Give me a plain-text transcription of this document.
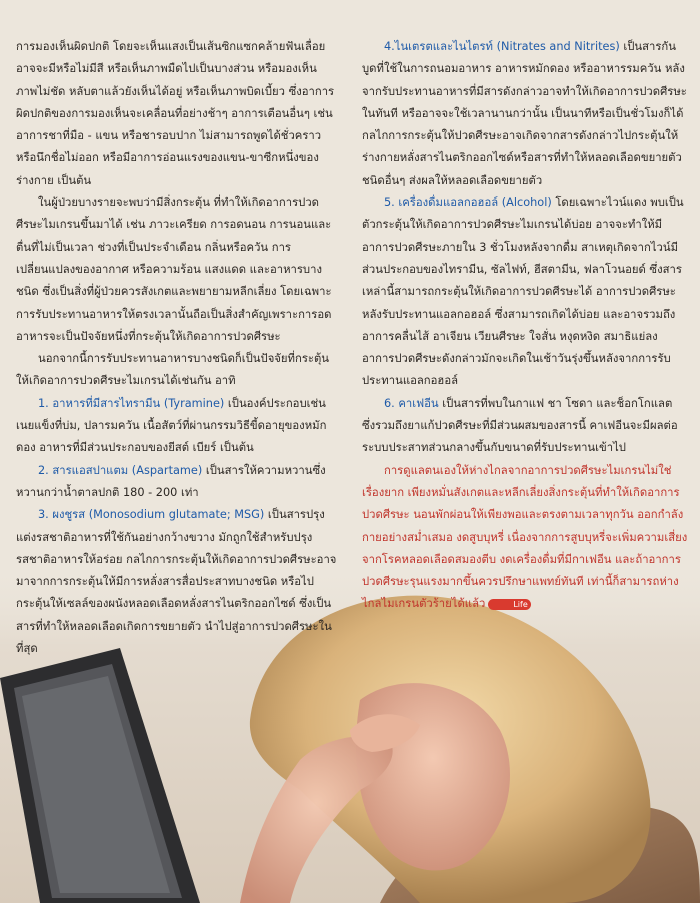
การมองเห็นผิดปกติ โดยจะเห็นแสงเป็นเส้นซิกแซกคล้ายฟันเลื่อย อาจจะมีหรือไม่มีสี หรือเห็นภาพมืดไปเป็นบางส่วน หรือมองเห็นภาพไม่ชัด หลับตาแล้วยังเห็นได้อยู่ หรือเห็นภาพบิดเบี้ยว ซึ่งอาการผิดปกติของการมองเห็นจะเคลื่อนที่อย่างช้าๆ อาการเตือนอื่นๆ เช่น อาการชาที่มือ - แขน หรือชารอบปาก ไม่สามารถพูดได้ชั่วคราวหรือนึกชื่อไม่ออก หรือมีอาการอ่อนแรงของแขน-ขาซีกหนึ่งของร่างกาย เป็นต้น

ในผู้ป่วยบางรายจะพบว่ามีสิ่งกระตุ้น ที่ทำให้เกิดอาการปวดศีรษะไมเกรนขึ้นมาได้ เช่น ภาวะเครียด การอดนอน การนอนและตื่นที่ไม่เป็นเวลา ช่วงที่เป็นประจำเดือน กลิ่นหรือควัน การเปลี่ยนแปลงของอากาศ หรือความร้อน แสงแดด และอาหารบางชนิด ซึ่งเป็นสิ่งที่ผู้ป่วยควรสังเกตและพยายามหลีกเลี่ยง โดยเฉพาะการรับประทานอาหารให้ตรงเวลานั้นถือเป็นสิ่งสำคัญเพราะการอดอาหารจะเป็นปัจจัยหนึ่งที่กระตุ้นให้เกิดอาการปวดศีรษะ

นอกจากนี้การรับประทานอาหารบางชนิดก็เป็นปัจจัยที่กระตุ้นให้เกิดอาการปวดศีรษะไมเกรนได้เช่นกัน อาทิ

1. อาหารที่มีสารไทรามีน (Tyramine) เป็นองค์ประกอบเช่น เนยแข็งที่บ่ม, ปลารมควัน เนื้อสัตว์ที่ผ่านกรรมวิธีขี้ดอายุของหมักดอง อาหารที่มีส่วนประกอบของยีสต์ เบียร์ เป็นต้น

2. สารแอสปาแตม (Aspartame) เป็นสารให้ความหวานซึ่งหวานกว่าน้ำตาลปกติ 180 - 200 เท่า

3. ผงชูรส (Monosodium glutamate; MSG) เป็นสารปรุงแต่งรสชาติอาหารที่ใช้กันอย่างกว้างขวาง มักถูกใช้สำหรับปรุงรสชาติอาหารให้อร่อย กลไกการกระตุ้นให้เกิดอาการปวดศีรษะอาจมาจากการกระตุ้นให้มีการหลั่งสารสื่อประสาทบางชนิด หรือไปกระตุ้นให้เซลล์ของผนังหลอดเลือดหลั่งสารไนตริกออกไซด์ ซึ่งเป็นสารที่ทำให้หลอดเลือดเกิดการขยายตัว นำไปสู่อาการปวดศีรษะในที่สุด

4.ไนเตรตและไนไตรท์ (Nitrates and Nitrites) เป็นสารกันบูดที่ใช้ในการถนอมอาหาร อาหารหมักดอง หรืออาหารรมควัน หลังจากรับประทานอาหารที่มีสารดังกล่าวอาจทำให้เกิดอาการปวดศีรษะในทันที หรืออาจจะใช้เวลานานกว่านั้น เป็นนาทีหรือเป็นชั่วโมงก็ได้ กลไกการกระตุ้นให้ปวดศีรษะอาจเกิดจากสารดังกล่าวไปกระตุ้นให้ร่างกายหลั่งสารไนตริกออกไซด์หรือสารที่ทำให้หลอดเลือดขยายตัวชนิดอื่นๆ ส่งผลให้หลอดเลือดขยายตัว

5. เครื่องดื่มแอลกอฮอล์ (Alcohol) โดยเฉพาะไวน์แดง พบเป็นตัวกระตุ้นให้เกิดอาการปวดศีรษะไมเกรนได้บ่อย อาจจะทำให้มีอาการปวดศีรษะภายใน 3 ชั่วโมงหลังจากดื่ม สาเหตุเกิดจากไวน์มีส่วนประกอบของไทรามีน, ซัลไฟท์, ฮีสตามีน, ฟลาโวนอยด์ ซึ่งสารเหล่านี้สามารถกระตุ้นให้เกิดอาการปวดศีรษะได้ อาการปวดศีรษะหลังรับประทานแอลกอฮอล์ ซึ่งสามารถเกิดได้บ่อย และอาจรวมถึงอาการคลื่นไส้ อาเจียน เวียนศีรษะ ใจสั่น หงุดหงิด สมาธิแย่ลง อาการปวดศีรษะดังกล่าวมักจะเกิดในเช้าวันรุ่งขึ้นหลังจากการรับประทานแอลกอฮอล์

6. คาเฟอีน เป็นสารที่พบในกาแฟ ชา โซดา และช็อกโกแลต ซึ่งรวมถึงยาแก้ปวดศีรษะที่มีส่วนผสมของสารนี้ คาเฟอีนจะมีผลต่อระบบประสาทส่วนกลางขึ้นกับขนาดที่รับประทานเข้าไป

การดูแลตนเองให้ห่างไกลจากอาการปวดศีรษะไมเกรนไม่ใช่เรื่องยาก เพียงหมั่นสังเกตและหลีกเลี่ยงสิ่งกระตุ้นที่ทำให้เกิดอาการปวดศีรษะ นอนพักผ่อนให้เพียงพอและตรงตามเวลาทุกวัน ออกกำลังกายอย่างสม่ำเสมอ งดสูบบุหรี่ เนื่องจากการสูบบุหรี่จะเพิ่มความเสี่ยงจากโรคหลอดเลือดสมองตีบ งดเครื่องดื่มที่มีกาเฟอีน และถ้าอาการปวดศีรษะรุนแรงมากขึ้นควรปรึกษาแพทย์ทันที เท่านี้ก็สามารถห่างไกลไมเกรนตัวร้ายได้แล้ว	Life
